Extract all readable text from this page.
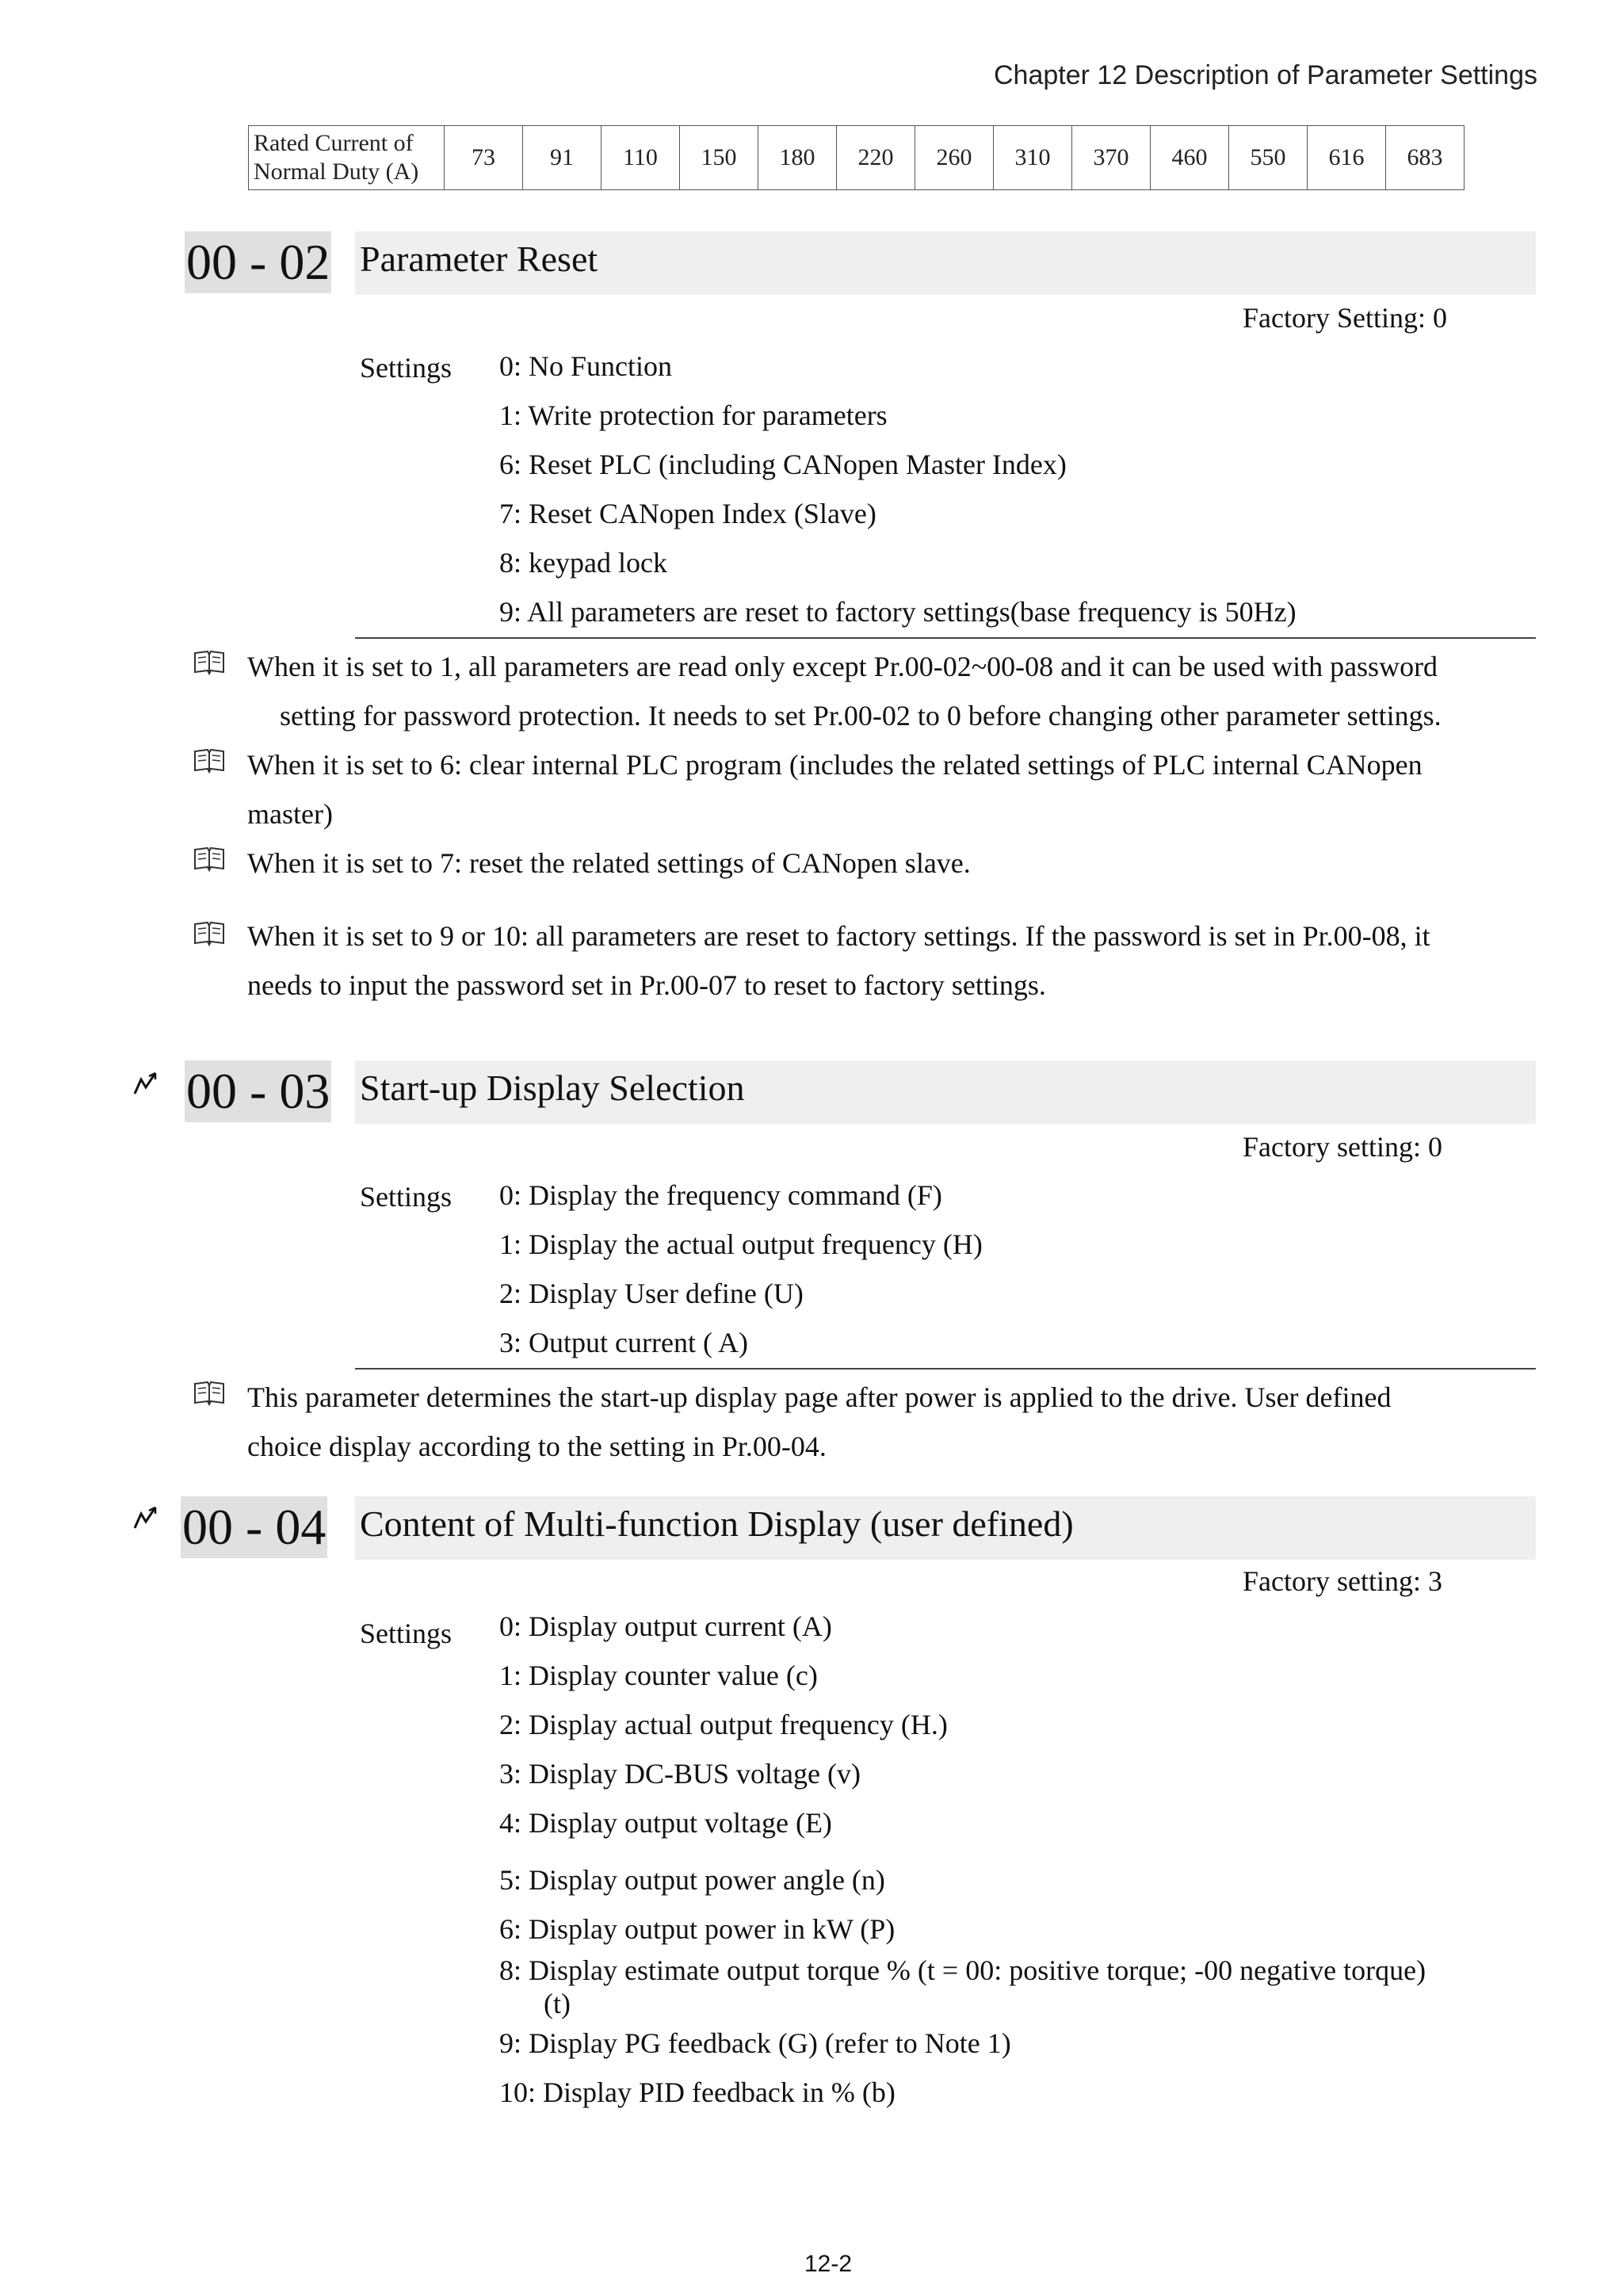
Chapter 12 Description of Parameter Settings
Rated Current of
Normal Duty (A)
	73	91	110	150	180	220	260	310	370	460	550	616	683
00 - 02 Parameter Reset
Factory Setting: 0
Settings 0: No Function
1: Write protection for parameters
6: Reset PLC (including CANopen Master Index)
7: Reset CANopen Index (Slave)
8: keypad lock
9: All parameters are reset to factory settings(base frequency is 50Hz)
When it is set to 1, all parameters are read only except Pr.00-02~00-08 and it can be used with password
setting for password protection. It needs to set Pr.00-02 to 0 before changing other parameter settings.
When it is set to 6: clear internal PLC program (includes the related settings of PLC internal CANopen
master)
When it is set to 7: reset the related settings of CANopen slave.
When it is set to 9 or 10: all parameters are reset to factory settings. If the password is set in Pr.00-08, it
needs to input the password set in Pr.00-07 to reset to factory settings.
00 - 03 Start-up Display Selection
Factory setting: 0
Settings 0: Display the frequency command (F)
1: Display the actual output frequency (H)
2: Display User define (U)
3: Output current ( A)
This parameter determines the start-up display page after power is applied to the drive. User defined
choice display according to the setting in Pr.00-04.
00 - 04 Content of Multi-function Display (user defined)
Factory setting: 3
Settings 0: Display output current (A)
1: Display counter value (c)
2: Display actual output frequency (H.)
3: Display DC-BUS voltage (v)
4: Display output voltage (E)
5: Display output power angle (n)
6: Display output power in kW (P)
8: Display estimate output torque % (t = 00: positive torque; -00 negative torque)
(t)
9: Display PG feedback (G) (refer to Note 1)
10: Display PID feedback in % (b)
12-2
